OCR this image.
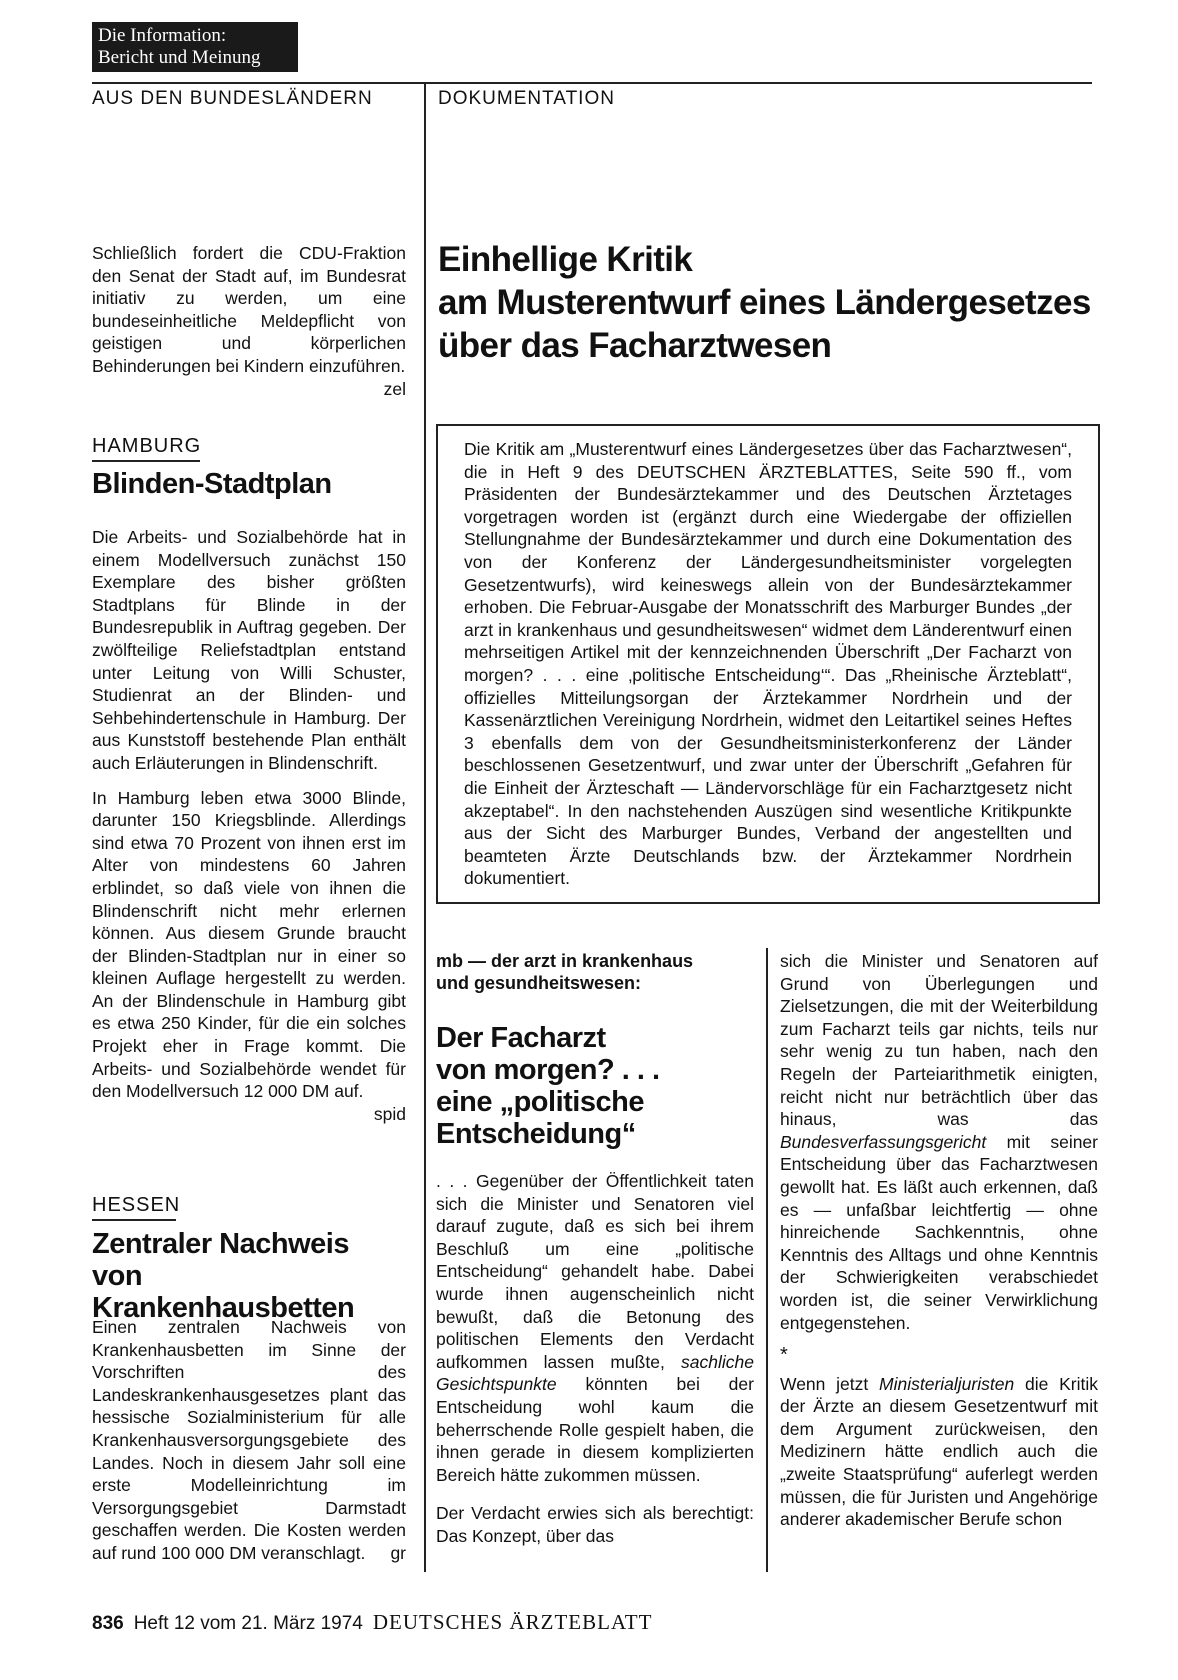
Die Information:
Bericht und Meinung
AUS DEN BUNDESLÄNDERN	DOKUMENTATION

Schließlich fordert die CDU-Fraktion den Senat der Stadt auf, im Bundesrat initiativ zu werden, um eine bundeseinheitliche Meldepflicht von geistigen und körperlichen Behinderungen bei Kindern einzuführen.

zel
HAMBURG
Blinden-Stadtplan

Die Arbeits- und Sozialbehörde hat in einem Modellversuch zunächst 150 Exemplare des bisher größten Stadtplans für Blinde in der Bundesrepublik in Auftrag gegeben. Der zwölfteilige Reliefstadtplan entstand unter Leitung von Willi Schuster, Studienrat an der Blinden- und Sehbehindertenschule in Hamburg. Der aus Kunststoff bestehende Plan enthält auch Erläuterungen in Blindenschrift.

In Hamburg leben etwa 3000 Blinde, darunter 150 Kriegsblinde. Allerdings sind etwa 70 Prozent von ihnen erst im Alter von mindestens 60 Jahren erblindet, so daß viele von ihnen die Blindenschrift nicht mehr erlernen können. Aus diesem Grunde braucht der Blinden-Stadtplan nur in einer so kleinen Auflage hergestellt zu werden. An der Blindenschule in Hamburg gibt es etwa 250 Kinder, für die ein solches Projekt eher in Frage kommt. Die Arbeits- und Sozialbehörde wendet für den Modellversuch 12 000 DM auf.

spid
HESSEN
Zentraler Nachweis
von Krankenhausbetten

Einen zentralen Nachweis von Krankenhausbetten im Sinne der Vorschriften des Landeskrankenhausgesetzes plant das hessische Sozialministerium für alle Krankenhausversorgungsgebiete des Landes. Noch in diesem Jahr soll eine erste Modelleinrichtung im Versorgungsgebiet Darmstadt geschaffen werden. Die Kosten werden auf rund 100 000 DM veranschlagt. gr
Einhellige Kritik
am Musterentwurf eines Ländergesetzes
über das Facharztwesen

Die Kritik am „Musterentwurf eines Ländergesetzes über das Facharztwesen“, die in Heft 9 des DEUTSCHEN ÄRZTEBLATTES, Seite 590 ff., vom Präsidenten der Bundesärztekammer und des Deutschen Ärztetages vorgetragen worden ist (ergänzt durch eine Wiedergabe der offiziellen Stellungnahme der Bundesärztekammer und durch eine Dokumentation des von der Konferenz der Ländergesundheitsminister vorgelegten Gesetzentwurfs), wird keineswegs allein von der Bundesärztekammer erhoben. Die Februar-Ausgabe der Monatsschrift des Marburger Bundes „der arzt in krankenhaus und gesundheitswesen“ widmet dem Länderentwurf einen mehrseitigen Artikel mit der kennzeichnenden Überschrift „Der Facharzt von morgen? . . . eine ‚politische Entscheidung‘“. Das „Rheinische Ärzteblatt“, offizielles Mitteilungsorgan der Ärztekammer Nordrhein und der Kassenärztlichen Vereinigung Nordrhein, widmet den Leitartikel seines Heftes 3 ebenfalls dem von der Gesundheitsministerkonferenz der Länder beschlossenen Gesetzentwurf, und zwar unter der Überschrift „Gefahren für die Einheit der Ärzteschaft — Ländervorschläge für ein Facharztgesetz nicht akzeptabel“. In den nachstehenden Auszügen sind wesentliche Kritikpunkte aus der Sicht des Marburger Bundes, Verband der angestellten und beamteten Ärzte Deutschlands bzw. der Ärztekammer Nordrhein dokumentiert.

mb — der arzt in krankenhaus
und gesundheitswesen:
Der Facharzt
von morgen? . . .
eine „politische
Entscheidung“

. . . Gegenüber der Öffentlichkeit taten sich die Minister und Senatoren viel darauf zugute, daß es sich bei ihrem Beschluß um eine „politische Entscheidung“ gehandelt habe. Dabei wurde ihnen augenscheinlich nicht bewußt, daß die Betonung des politischen Elements den Verdacht aufkommen lassen mußte, sachliche Gesichtspunkte könnten bei der Entscheidung wohl kaum die beherrschende Rolle gespielt haben, die ihnen gerade in diesem komplizierten Bereich hätte zukommen müssen.

Der Verdacht erwies sich als berechtigt: Das Konzept, über das

sich die Minister und Senatoren auf Grund von Überlegungen und Zielsetzungen, die mit der Weiterbildung zum Facharzt teils gar nichts, teils nur sehr wenig zu tun haben, nach den Regeln der Parteiarithmetik einigten, reicht nicht nur beträchtlich über das hinaus, was das Bundesverfassungsgericht mit seiner Entscheidung über das Facharztwesen gewollt hat. Es läßt auch erkennen, daß es — unfaßbar leichtfertig — ohne hinreichende Sachkenntnis, ohne Kenntnis des Alltags und ohne Kenntnis der Schwierigkeiten verabschiedet worden ist, die seiner Verwirklichung entgegenstehen.

*

Wenn jetzt Ministerialjuristen die Kritik der Ärzte an diesem Gesetzentwurf mit dem Argument zurückweisen, den Medizinern hätte endlich auch die „zweite Staatsprüfung“ auferlegt werden müssen, die für Juristen und Angehörige anderer akademischer Berufe schon

836 Heft 12 vom 21. März 1974 DEUTSCHES ÄRZTEBLATT
